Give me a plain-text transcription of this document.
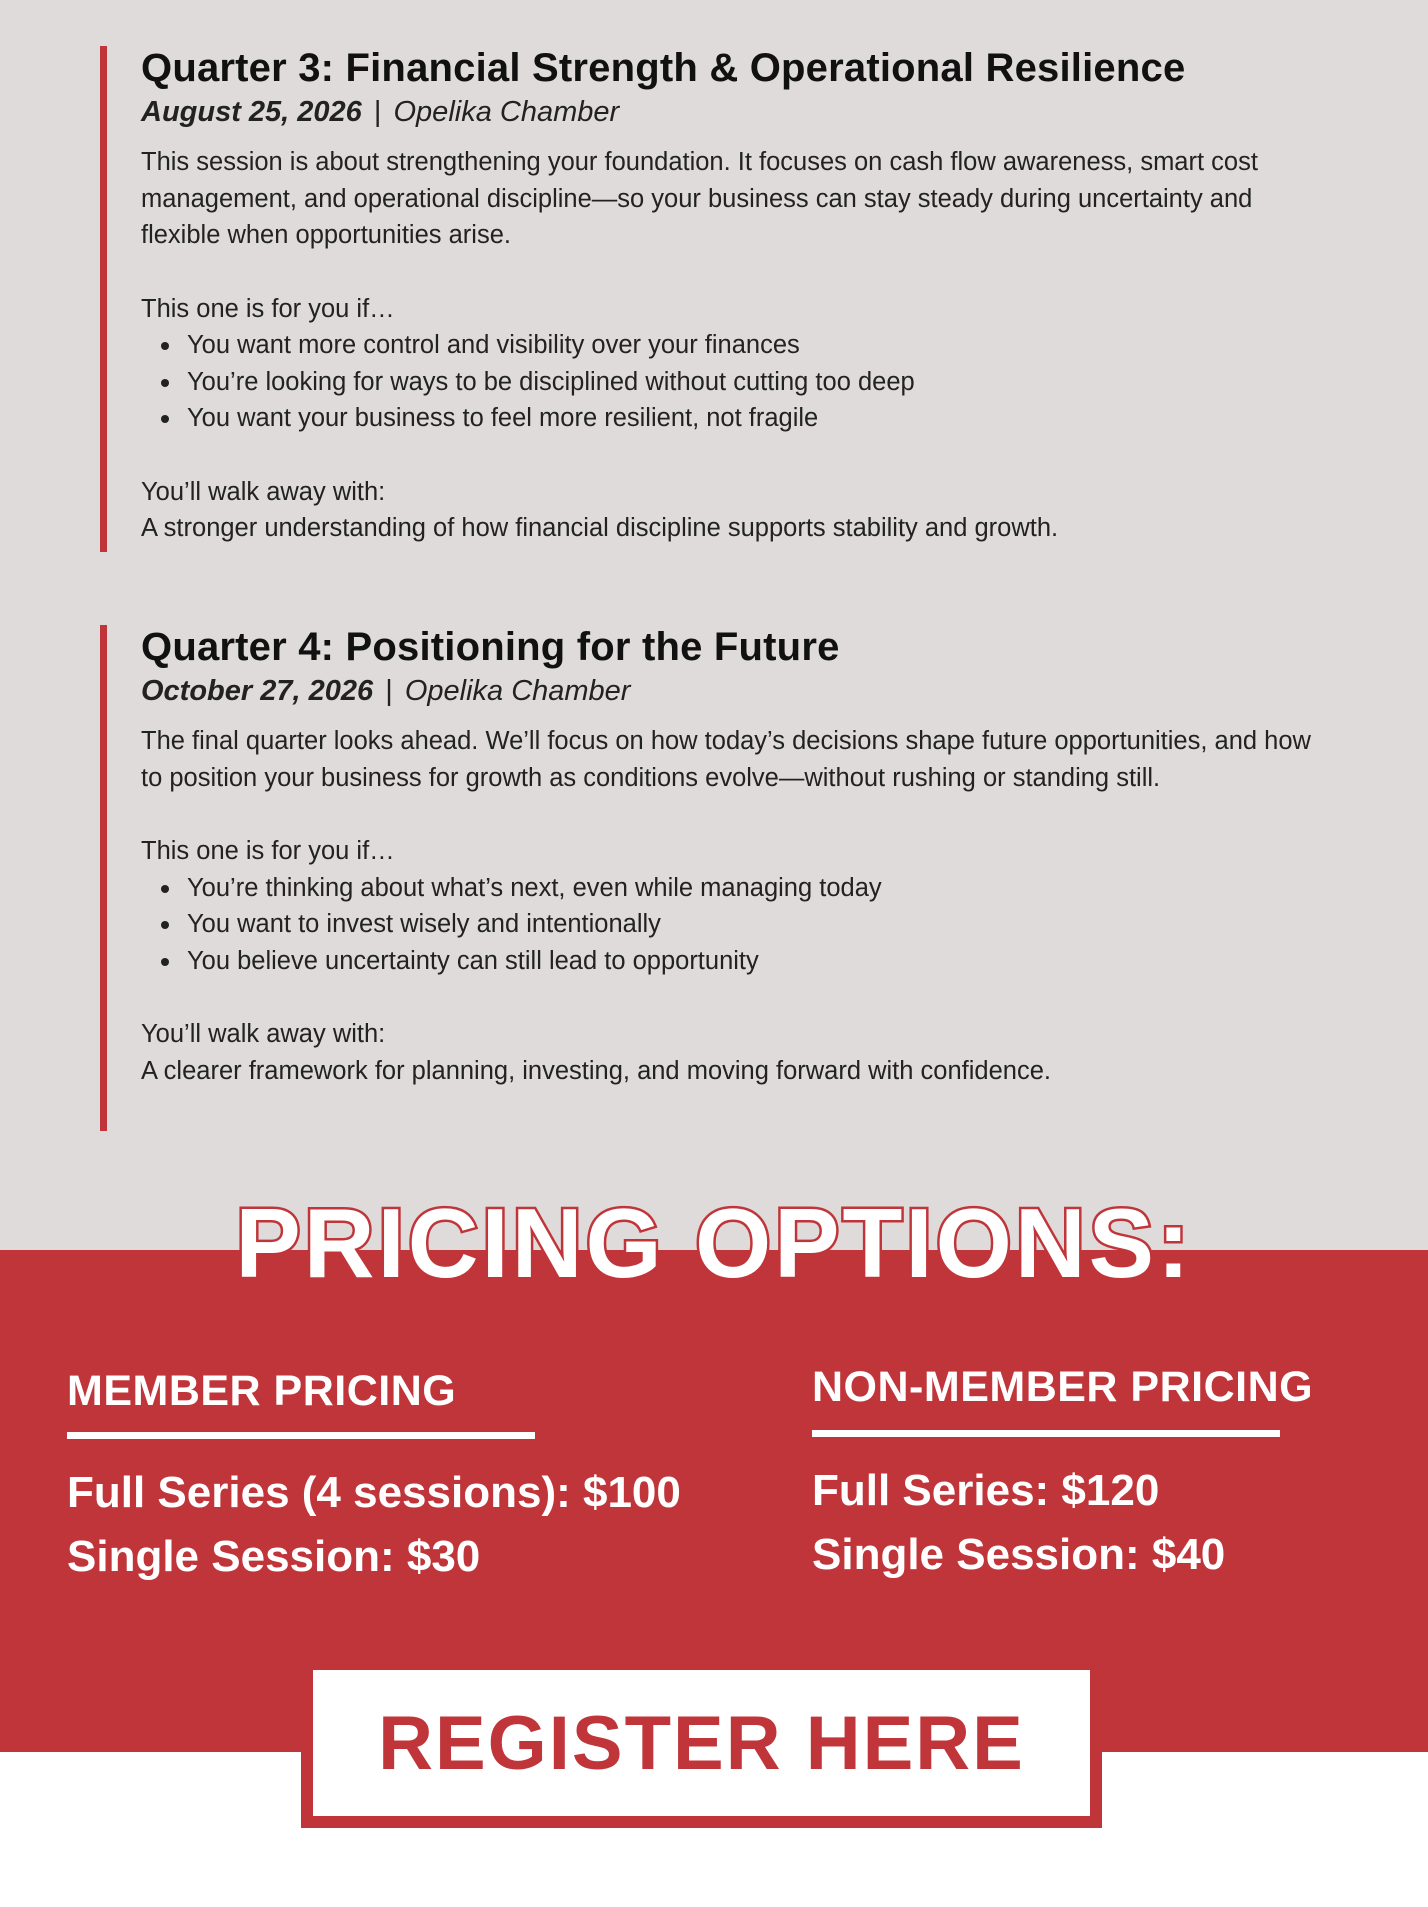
Quarter 3: Financial Strength & Operational Resilience
August 25, 2026 | Opelika Chamber

This session is about strengthening your foundation. It focuses on cash flow awareness, smart cost management, and operational discipline—so your business can stay steady during uncertainty and flexible when opportunities arise.

This one is for you if…

You want more control and visibility over your finances
You’re looking for ways to be disciplined without cutting too deep
You want your business to feel more resilient, not fragile

You’ll walk away with:

A stronger understanding of how financial discipline supports stability and growth.

Quarter 4: Positioning for the Future
October 27, 2026 | Opelika Chamber

The final quarter looks ahead. We’ll focus on how today’s decisions shape future opportunities, and how to position your business for growth as conditions evolve—without rushing or standing still.

This one is for you if…

You’re thinking about what’s next, even while managing today
You want to invest wisely and intentionally
You believe uncertainty can still lead to opportunity

You’ll walk away with:

A clearer framework for planning, investing, and moving forward with confidence.

PRICING OPTIONS:
MEMBER PRICING
Full Series (4 sessions): $100
Single Session: $30
NON-MEMBER PRICING
Full Series: $120
Single Session: $40
REGISTER HERE
